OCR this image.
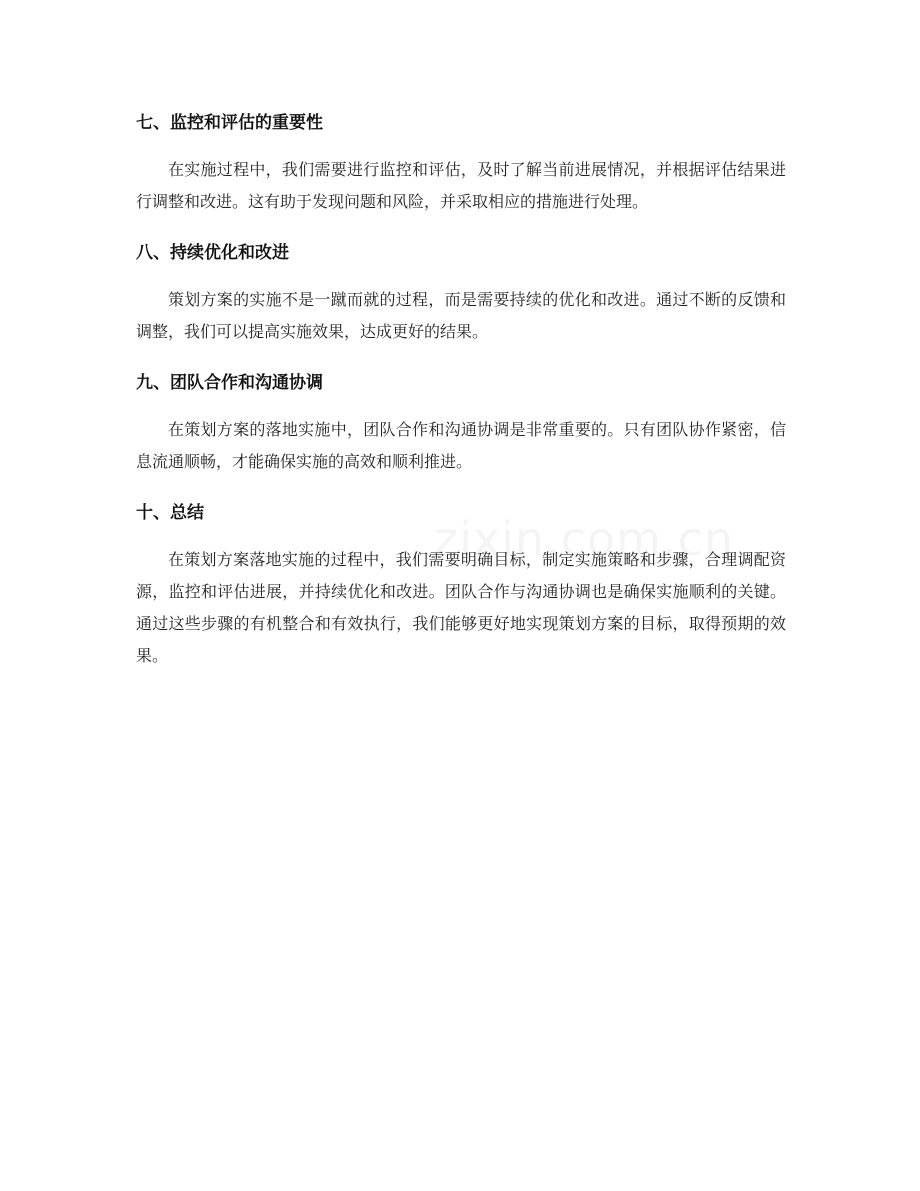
七、监控和评估的重要性

在实施过程中，我们需要进行监控和评估，及时了解当前进展情况，并根据评估结果进行调整和改进。这有助于发现问题和风险，并采取相应的措施进行处理。

八、持续优化和改进

策划方案的实施不是一蹴而就的过程，而是需要持续的优化和改进。通过不断的反馈和调整，我们可以提高实施效果，达成更好的结果。

九、团队合作和沟通协调

在策划方案的落地实施中，团队合作和沟通协调是非常重要的。只有团队协作紧密，信息流通顺畅，才能确保实施的高效和顺利推进。

十、总结

在策划方案落地实施的过程中，我们需要明确目标，制定实施策略和步骤，合理调配资源，监控和评估进展，并持续优化和改进。团队合作与沟通协调也是确保实施顺利的关键。通过这些步骤的有机整合和有效执行，我们能够更好地实现策划方案的目标，取得预期的效果。
